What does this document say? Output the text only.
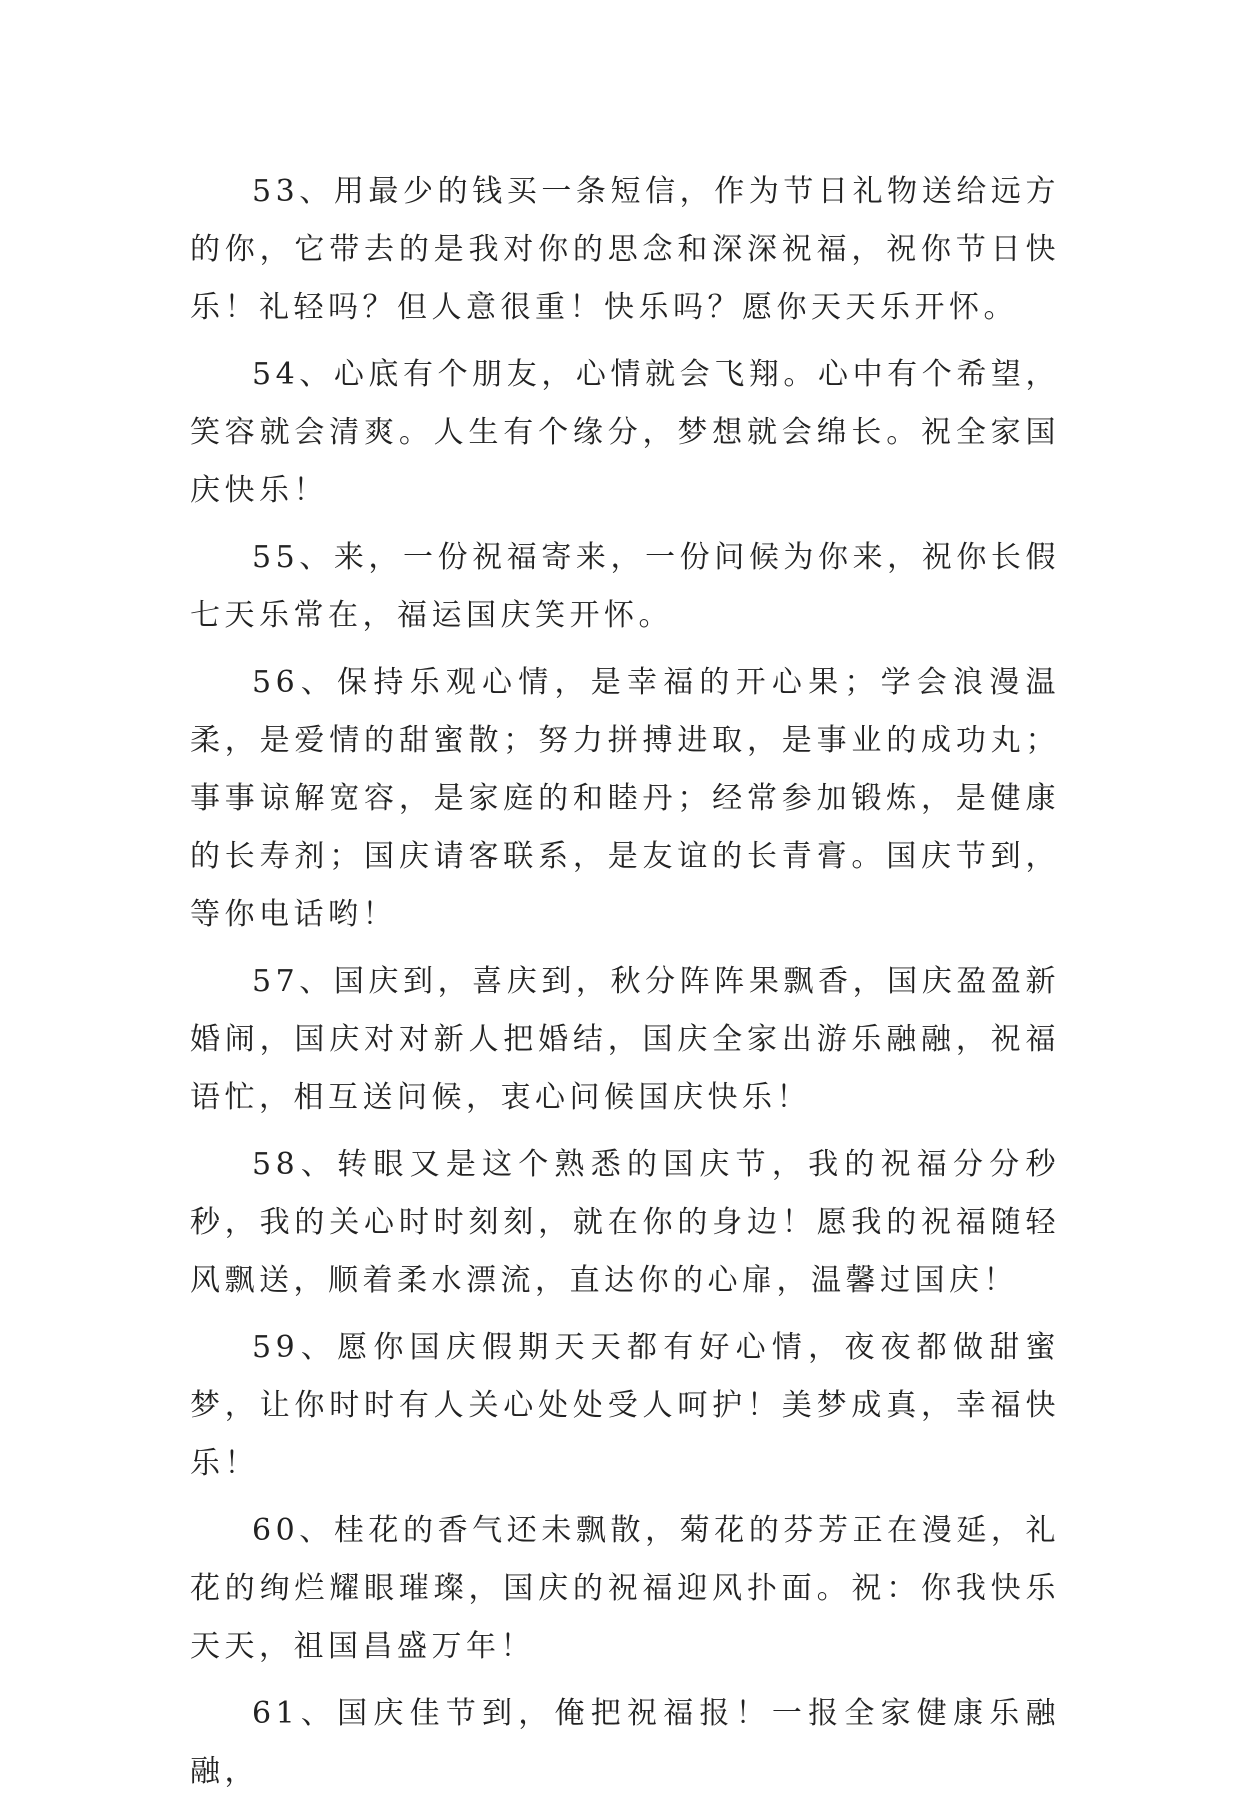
53、用最少的钱买一条短信，作为节日礼物送给远方的你，它带去的是我对你的思念和深深祝福，祝你节日快乐！礼轻吗？但人意很重！快乐吗？愿你天天乐开怀。

54、心底有个朋友，心情就会飞翔。心中有个希望，笑容就会清爽。人生有个缘分，梦想就会绵长。祝全家国庆快乐！

55、来，一份祝福寄来，一份问候为你来，祝你长假七天乐常在，福运国庆笑开怀。

56、保持乐观心情，是幸福的开心果；学会浪漫温柔，是爱情的甜蜜散；努力拼搏进取，是事业的成功丸；事事谅解宽容，是家庭的和睦丹；经常参加锻炼，是健康的长寿剂；国庆请客联系，是友谊的长青膏。国庆节到，等你电话哟！

57、国庆到，喜庆到，秋分阵阵果飘香，国庆盈盈新婚闹，国庆对对新人把婚结，国庆全家出游乐融融，祝福语忙，相互送问候，衷心问候国庆快乐！

58、转眼又是这个熟悉的国庆节，我的祝福分分秒秒，我的关心时时刻刻，就在你的身边！愿我的祝福随轻风飘送，顺着柔水漂流，直达你的心扉，温馨过国庆！

59、愿你国庆假期天天都有好心情，夜夜都做甜蜜梦，让你时时有人关心处处受人呵护！美梦成真，幸福快乐！

60、桂花的香气还未飘散，菊花的芬芳正在漫延，礼花的绚烂耀眼璀璨，国庆的祝福迎风扑面。祝：你我快乐天天，祖国昌盛万年！

61、国庆佳节到，俺把祝福报！一报全家健康乐融融，
